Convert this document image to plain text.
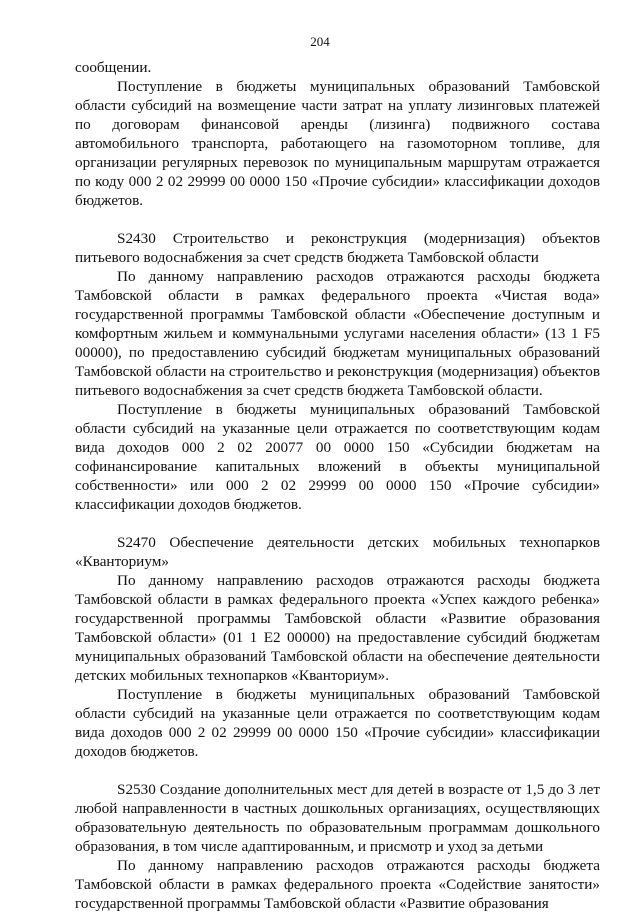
204

сообщении.

Поступление в бюджеты муниципальных образований Тамбовской области субсидий на возмещение части затрат на уплату лизинговых платежей по договорам финансовой аренды (лизинга) подвижного состава автомобильного транспорта, работающего на газомоторном топливе, для организации регулярных перевозок по муниципальным маршрутам отражается по коду 000 2 02 29999 00 0000 150 «Прочие субсидии» классификации доходов бюджетов.

S2430 Строительство и реконструкция (модернизация) объектов питьевого водоснабжения за счет средств бюджета Тамбовской области

По данному направлению расходов отражаются расходы бюджета Тамбовской области в рамках федерального проекта «Чистая вода» государственной программы Тамбовской области «Обеспечение доступным и комфортным жильем и коммунальными услугами населения области» (13 1 F5 00000), по предоставлению субсидий бюджетам муниципальных образований Тамбовской области на строительство и реконструкция (модернизация) объектов питьевого водоснабжения за счет средств бюджета Тамбовской области.

Поступление в бюджеты муниципальных образований Тамбовской области субсидий на указанные цели отражается по соответствующим кодам вида доходов 000 2 02 20077 00 0000 150 «Субсидии бюджетам на софинансирование капитальных вложений в объекты муниципальной собственности» или 000 2 02 29999 00 0000 150 «Прочие субсидии» классификации доходов бюджетов.

S2470 Обеспечение деятельности детских мобильных технопарков «Кванториум»

По данному направлению расходов отражаются расходы бюджета Тамбовской области в рамках федерального проекта «Успех каждого ребенка» государственной программы Тамбовской области «Развитие образования Тамбовской области» (01 1 E2 00000) на предоставление субсидий бюджетам муниципальных образований Тамбовской области на обеспечение деятельности детских мобильных технопарков «Кванториум».

Поступление в бюджеты муниципальных образований Тамбовской области субсидий на указанные цели отражается по соответствующим кодам вида доходов 000 2 02 29999 00 0000 150 «Прочие субсидии» классификации доходов бюджетов.

S2530 Создание дополнительных мест для детей в возрасте от 1,5 до 3 лет любой направленности в частных дошкольных организациях, осуществляющих образовательную деятельность по образовательным программам дошкольного образования, в том числе адаптированным, и присмотр и уход за детьми

По данному направлению расходов отражаются расходы бюджета Тамбовской области в рамках федерального проекта «Содействие занятости» государственной программы Тамбовской области «Развитие образования
